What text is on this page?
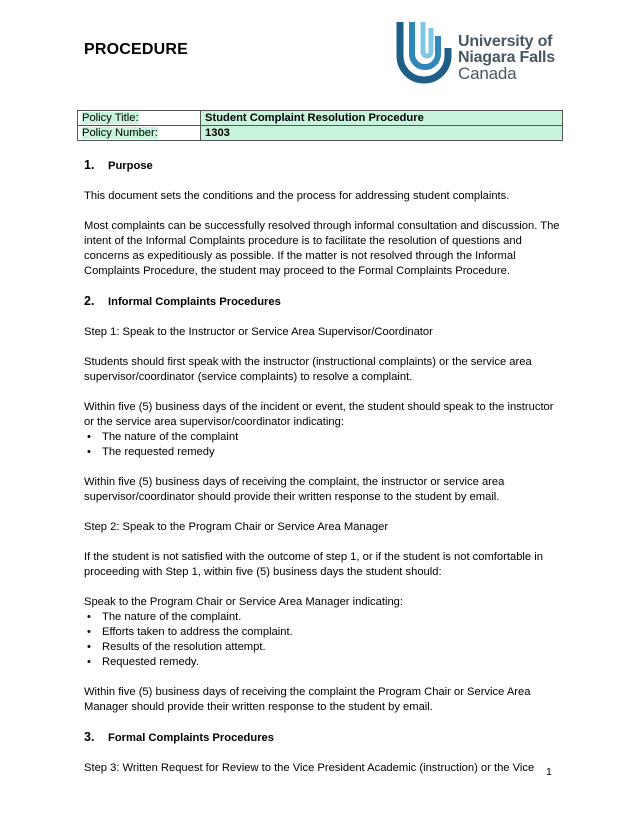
PROCEDURE	University of
Niagara Falls
Canada
Policy Title:	Student Complaint Resolution Procedure
Policy Number:	1303
1.	Purpose

This document sets the conditions and the process for addressing student complaints.

Most complaints can be successfully resolved through informal consultation and discussion. The intent of the Informal Complaints procedure is to facilitate the resolution of questions and concerns as expeditiously as possible. If the matter is not resolved through the Informal Complaints Procedure, the student may proceed to the Formal Complaints Procedure.

2.	Informal Complaints Procedures

Step 1: Speak to the Instructor or Service Area Supervisor/Coordinator

Students should first speak with the instructor (instructional complaints) or the service area supervisor/coordinator (service complaints) to resolve a complaint.

Within five (5) business days of the incident or event, the student should speak to the instructor or the service area supervisor/coordinator indicating:

• The nature of the complaint
• The requested remedy

Within five (5) business days of receiving the complaint, the instructor or service area supervisor/coordinator should provide their written response to the student by email.

Step 2: Speak to the Program Chair or Service Area Manager

If the student is not satisfied with the outcome of step 1, or if the student is not comfortable in proceeding with Step 1, within five (5) business days the student should:

Speak to the Program Chair or Service Area Manager indicating:

• The nature of the complaint.
• Efforts taken to address the complaint.
• Results of the resolution attempt.
• Requested remedy.

Within five (5) business days of receiving the complaint the Program Chair or Service Area Manager should provide their written response to the student by email.

3.	Formal Complaints Procedures

Step 3: Written Request for Review to the Vice President Academic (instruction) or the Vice	1
